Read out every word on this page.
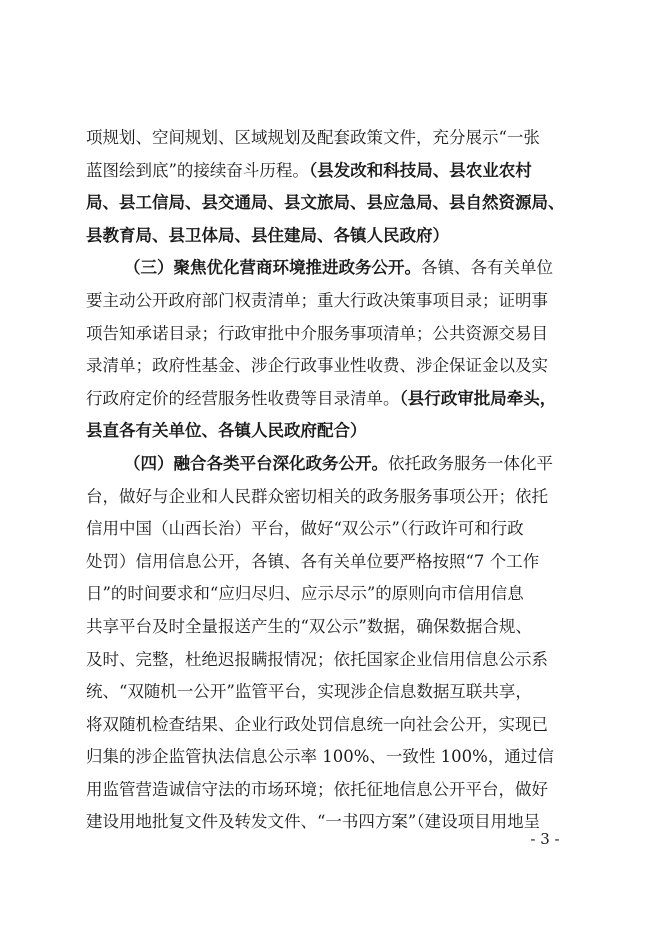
项规划、空间规划、区域规划及配套政策文件，充分展示“一张
蓝图绘到底”的接续奋斗历程。（县发改和科技局、县农业农村
局、县工信局、县交通局、县文旅局、县应急局、县自然资源局、
县教育局、县卫体局、县住建局、各镇人民政府）
（三）聚焦优化营商环境推进政务公开。各镇、各有关单位
要主动公开政府部门权责清单；重大行政决策事项目录；证明事
项告知承诺目录；行政审批中介服务事项清单；公共资源交易目
录清单；政府性基金、涉企行政事业性收费、涉企保证金以及实
行政府定价的经营服务性收费等目录清单。（县行政审批局牵头，
县直各有关单位、各镇人民政府配合）
（四）融合各类平台深化政务公开。依托政务服务一体化平
台，做好与企业和人民群众密切相关的政务服务事项公开；依托
信用中国（山西长治）平台，做好“双公示”（行政许可和行政
处罚）信用信息公开，各镇、各有关单位要严格按照“7 个工作
日”的时间要求和“应归尽归、应示尽示”的原则向市信用信息
共享平台及时全量报送产生的“双公示”数据，确保数据合规、
及时、完整，杜绝迟报瞒报情况；依托国家企业信用信息公示系
统、“双随机一公开”监管平台，实现涉企信息数据互联共享，
将双随机检查结果、企业行政处罚信息统一向社会公开，实现已
归集的涉企监管执法信息公示率 100%、一致性 100%，通过信
用监管营造诚信守法的市场环境；依托征地信息公开平台，做好
建设用地批复文件及转发文件、“一书四方案”（建设项目用地呈
- 3 -
